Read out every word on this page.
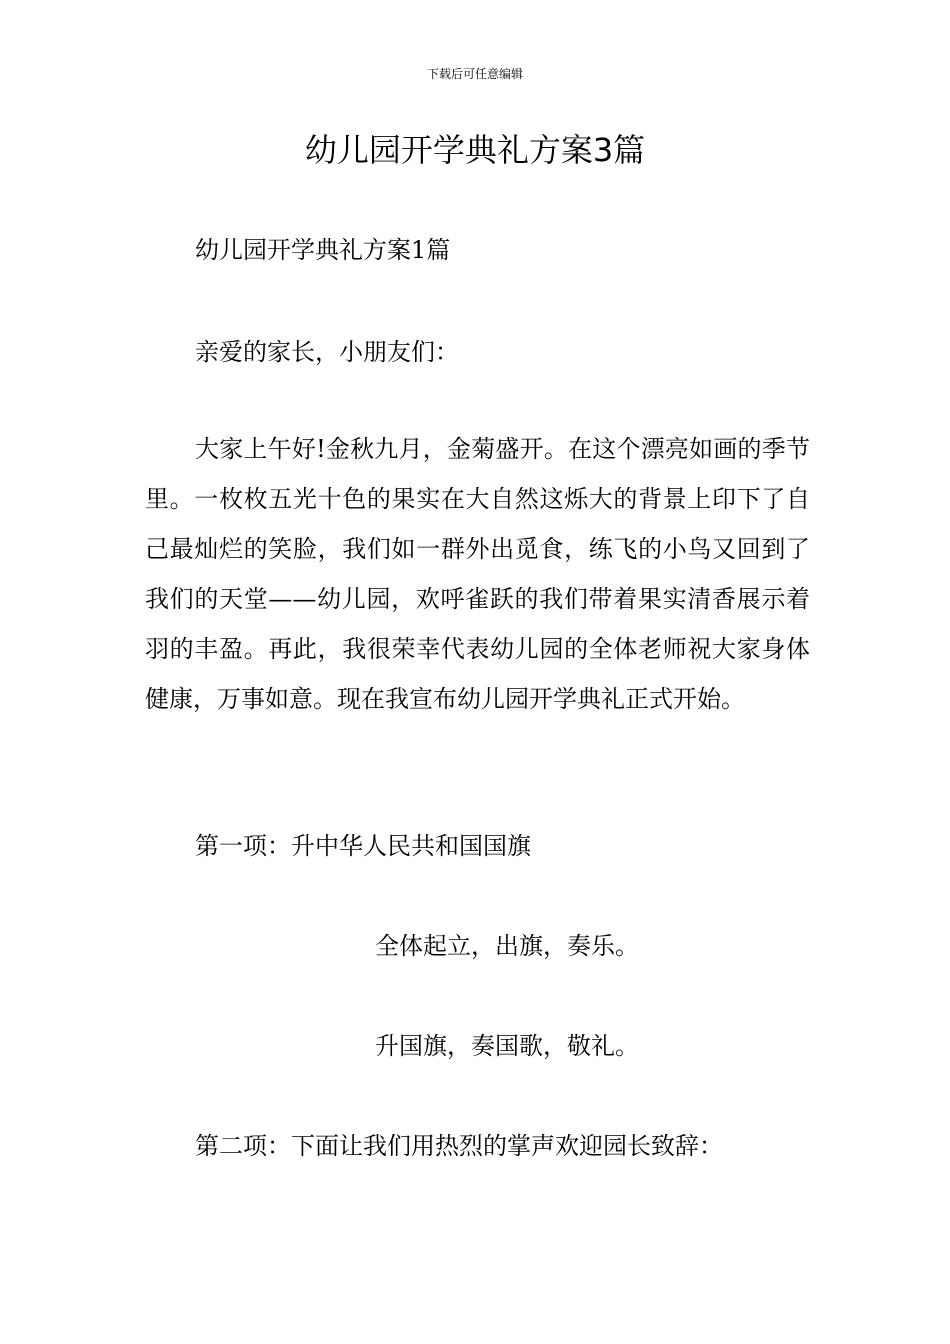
下载后可任意编辑
幼儿园开学典礼方案3篇
幼儿园开学典礼方案1篇
亲爱的家长，小朋友们：
大家上午好!金秋九月，金菊盛开。在这个漂亮如画的季节里。一枚枚五光十色的果实在大自然这烁大的背景上印下了自己最灿烂的笑脸，我们如一群外出觅食，练飞的小鸟又回到了我们的天堂——幼儿园，欢呼雀跃的我们带着果实清香展示着羽的丰盈。再此，我很荣幸代表幼儿园的全体老师祝大家身体健康，万事如意。现在我宣布幼儿园开学典礼正式开始。
第一项：升中华人民共和国国旗
全体起立，出旗，奏乐。
升国旗，奏国歌，敬礼。
第二项：下面让我们用热烈的掌声欢迎园长致辞：
